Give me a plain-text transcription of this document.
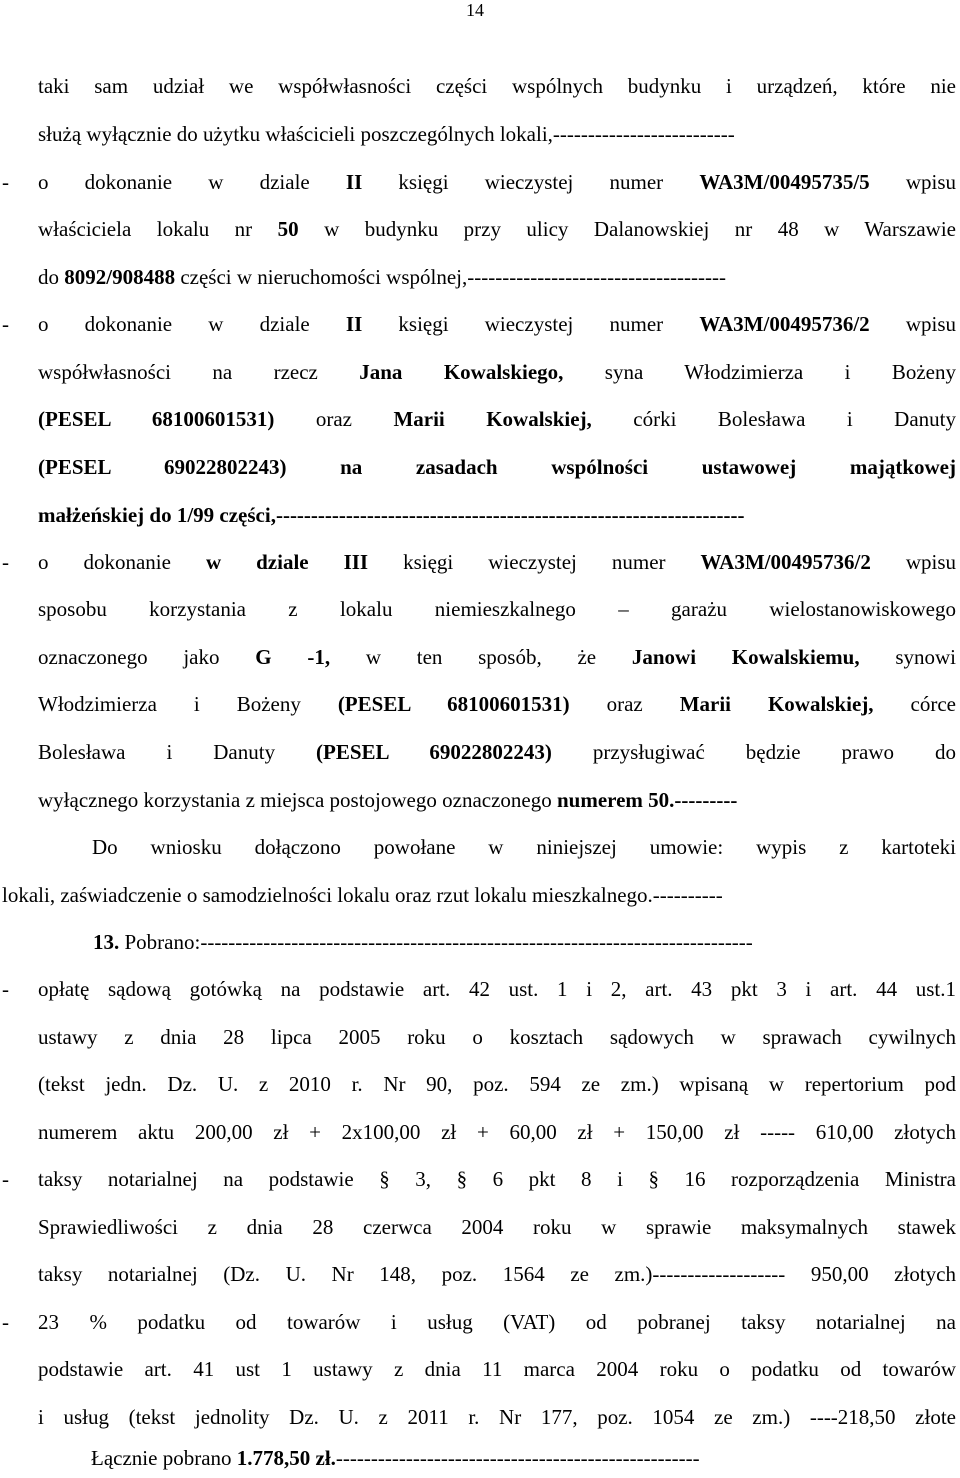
14
taki sam udział we współwłasności części wspólnych budynku i urządzeń, które nie
służą wyłącznie do użytku właścicieli poszczególnych lokali,--------------------------
-	o dokonanie w dziale II księgi wieczystej numer WA3M/00495735/5 wpisu
właściciela lokalu nr 50 w budynku przy ulicy Dalanowskiej nr 48 w Warszawie
do 8092/908488 części w nieruchomości wspólnej,-------------------------------------
-	o dokonanie w dziale II księgi wieczystej numer WA3M/00495736/2 wpisu
współwłasności na rzecz Jana Kowalskiego, syna Włodzimierza i Bożeny
(PESEL 68100601531) oraz Marii Kowalskiej, córki Bolesława i Danuty
(PESEL 69022802243) na zasadach wspólności ustawowej majątkowej
małżeńskiej do 1/99 części,-------------------------------------------------------------------
-	o dokonanie w dziale III księgi wieczystej numer WA3M/00495736/2 wpisu
sposobu korzystania z lokalu niemieszkalnego – garażu wielostanowiskowego
oznaczonego jako G -1, w ten sposób, że Janowi Kowalskiemu, synowi
Włodzimierza i Bożeny (PESEL 68100601531) oraz Marii Kowalskiej, córce
Bolesława i Danuty (PESEL 69022802243) przysługiwać będzie prawo do
wyłącznego korzystania z miejsca postojowego oznaczonego numerem 50.---------
Do wniosku dołączono powołane w niniejszej umowie: wypis z kartoteki
lokali, zaświadczenie o samodzielności lokalu oraz rzut lokalu mieszkalnego.----------
13. Pobrano:-------------------------------------------------------------------------------
-	opłatę sądową gotówką na podstawie art. 42 ust. 1 i 2, art. 43 pkt 3 i art. 44 ust.1
ustawy z dnia 28 lipca 2005 roku o kosztach sądowych w sprawach cywilnych
(tekst jedn. Dz. U. z 2010 r. Nr 90, poz. 594 ze zm.) wpisaną w repertorium pod
numerem aktu 200,00 zł + 2x100,00 zł + 60,00 zł + 150,00 zł ----- 610,00 złotych
-	taksy notarialnej na podstawie § 3, § 6 pkt 8 i § 16 rozporządzenia Ministra
Sprawiedliwości z dnia 28 czerwca 2004 roku w sprawie maksymalnych stawek
taksy notarialnej (Dz. U. Nr 148, poz. 1564 ze zm.)------------------- 950,00 złotych
-	23 % podatku od towarów i usług (VAT) od pobranej taksy notarialnej na
podstawie art. 41 ust 1 ustawy z dnia 11 marca 2004 roku o podatku od towarów
i usług (tekst jednolity Dz. U. z 2011 r. Nr 177, poz. 1054 ze zm.) ----218,50 złote
Łącznie pobrano 1.778,50 zł.----------------------------------------------------
